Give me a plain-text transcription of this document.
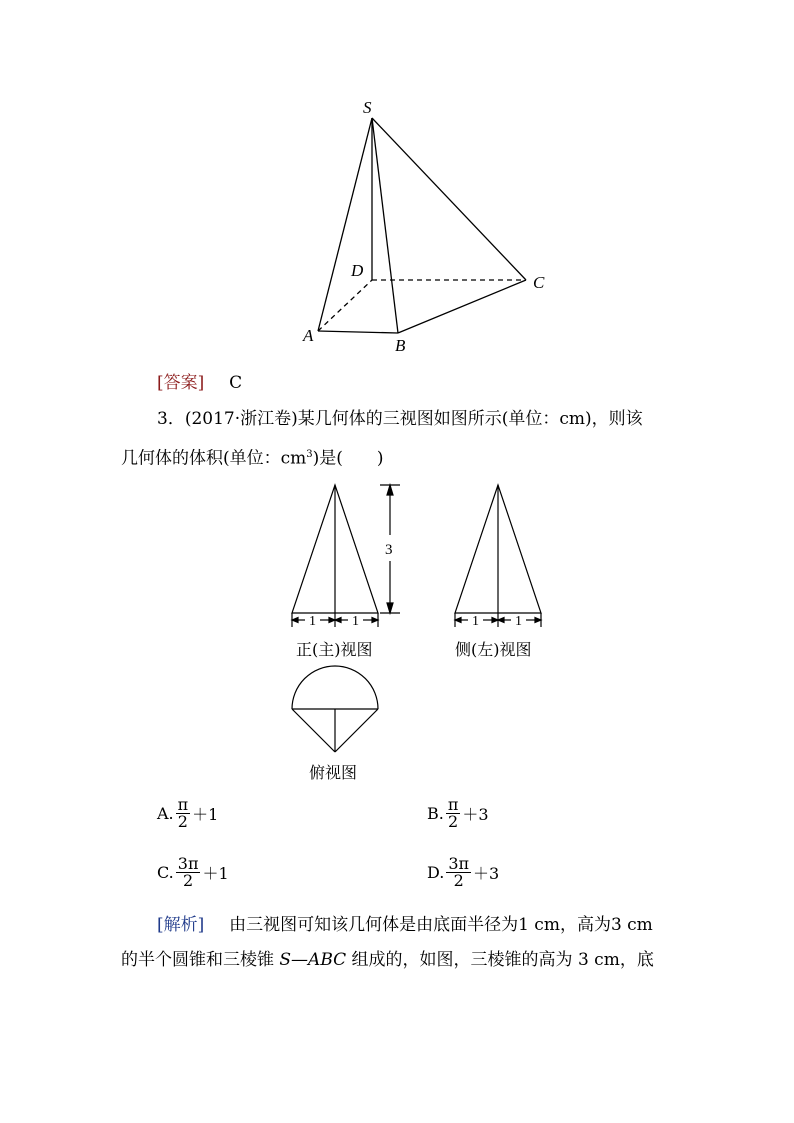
S
D
C
A
B
[答案] C
3．(2017·浙江卷)某几何体的三视图如图所示(单位：cm)，则该
几何体的体积(单位：$cm^3$)是(　　)
3
1	1	1	1
正(主)视图	侧(左)视图
俯视图
A. $\frac{\pi}{2} +1$	B. $\frac{\pi}{2} +3$
C. $\frac{3\pi}{2} +1$	D. $\frac{3\pi}{2} +3$
[解析] 由三视图可知该几何体是由底面半径为1 cm，高为3 cm
的半个圆锥和三棱锥 S—ABC 组成的，如图，三棱锥的高为 3 cm，底
